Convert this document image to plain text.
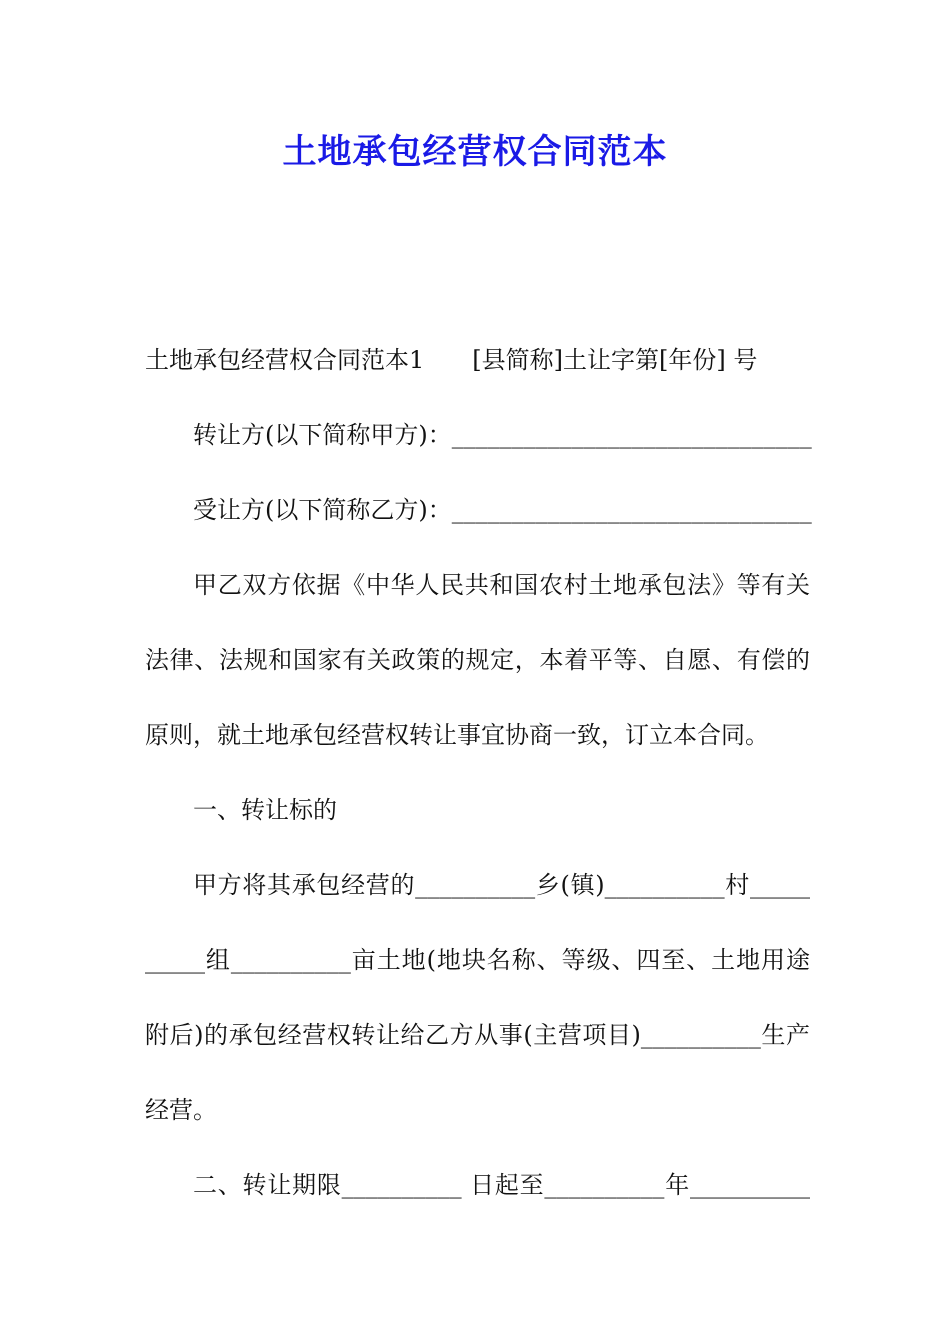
土地承包经营权合同范本
土地承包经营权合同范本1　　[县简称]土让字第[年份] 号
转让方(以下简称甲方)：______________________________
受让方(以下简称乙方)：______________________________
甲乙双方依据《中华人民共和国农村土地承包法》等有关
法律、法规和国家有关政策的规定，本着平等、自愿、有偿的
原则，就土地承包经营权转让事宜协商一致，订立本合同。
一、转让标的
甲方将其承包经营的__________乡(镇)__________村_____
_____组__________亩土地(地块名称、等级、四至、土地用途
附后)的承包经营权转让给乙方从事(主营项目)__________生产
经营。
二、转让期限__________ 日起至__________年__________
